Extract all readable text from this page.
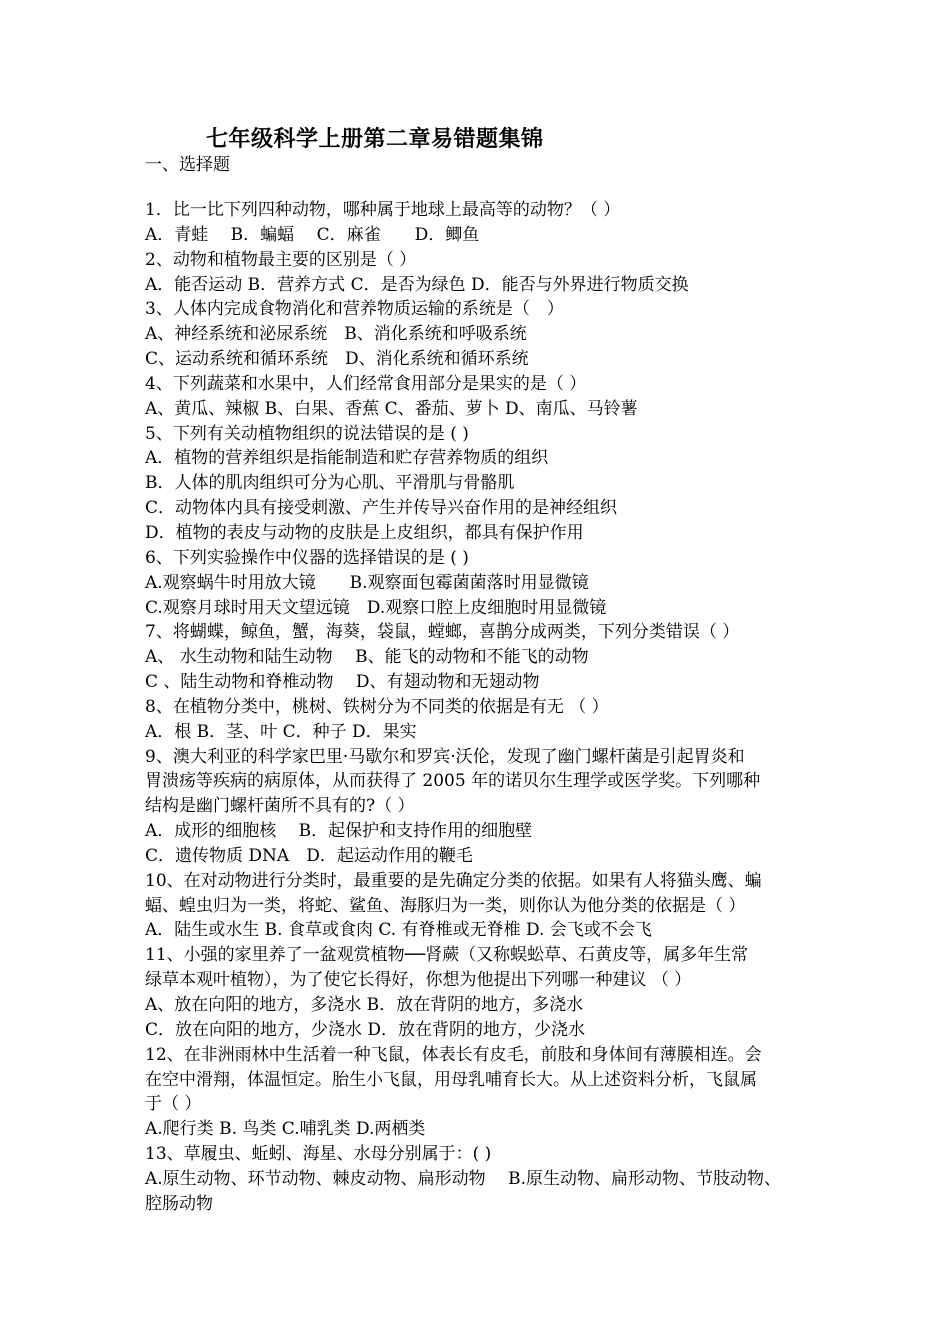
七年级科学上册第二章易错题集锦
一、选择题
1．比一比下列四种动物，哪种属于地球上最高等的动物？（ ）
A．青蛙　 B．蝙蝠　 C．麻雀　　D．鲫鱼
2、动物和植物最主要的区别是（ ）
A．能否运动 B．营养方式 C．是否为绿色 D．能否与外界进行物质交换
3、人体内完成食物消化和营养物质运输的系统是（　）
A、神经系统和泌尿系统　B、消化系统和呼吸系统
C、运动系统和循环系统　D、消化系统和循环系统
4、下列蔬菜和水果中，人们经常食用部分是果实的是（ ）
A、黄瓜、辣椒 B、白果、香蕉 C、番茄、萝卜 D、南瓜、马铃薯
5、下列有关动植物组织的说法错误的是 ( )
A．植物的营养组织是指能制造和贮存营养物质的组织
B．人体的肌肉组织可分为心肌、平滑肌与骨骼肌
C．动物体内具有接受刺激、产生并传导兴奋作用的是神经组织
D．植物的表皮与动物的皮肤是上皮组织，都具有保护作用
6、下列实验操作中仪器的选择错误的是 ( )
A.观察蜗牛时用放大镜　　B.观察面包霉菌菌落时用显微镜
C.观察月球时用天文望远镜　D.观察口腔上皮细胞时用显微镜
7、将蝴蝶，鲸鱼，蟹，海葵，袋鼠，螳螂，喜鹊分成两类，下列分类错误（ ）
A、 水生动物和陆生动物　 B、能飞的动物和不能飞的动物
C 、陆生动物和脊椎动物　 D、有翅动物和无翅动物
8、在植物分类中，桃树、铁树分为不同类的依据是有无 （ ）
A．根 B．茎、叶 C．种子 D．果实
9、澳大利亚的科学家巴里·马歇尔和罗宾·沃伦，发现了幽门螺杆菌是引起胃炎和
胃溃疡等疾病的病原体，从而获得了 2005 年的诺贝尔生理学或医学奖。下列哪种
结构是幽门螺杆菌所不具有的?（ ）
A．成形的细胞核　 B．起保护和支持作用的细胞壁
C．遗传物质 DNA　D．起运动作用的鞭毛
10、在对动物进行分类时，最重要的是先确定分类的依据。如果有人将猫头鹰、蝙
蝠、蝗虫归为一类，将蛇、鲨鱼、海豚归为一类，则你认为他分类的依据是（ ）
A．陆生或水生 B. 食草或食肉 C. 有脊椎或无脊椎 D. 会飞或不会飞
11、小强的家里养了一盆观赏植物──肾蕨（又称蜈蚣草、石黄皮等，属多年生常
绿草本观叶植物），为了使它长得好，你想为他提出下列哪一种建议 （ ）
A、放在向阳的地方，多浇水 B．放在背阴的地方，多浇水
C．放在向阳的地方，少浇水 D．放在背阴的地方，少浇水
12、在非洲雨林中生活着一种飞鼠，体表长有皮毛，前肢和身体间有薄膜相连。会
在空中滑翔，体温恒定。胎生小飞鼠，用母乳哺育长大。从上述资料分析，飞鼠属
于（ ）
A.爬行类 B. 鸟类 C.哺乳类 D.两栖类
13、草履虫、蚯蚓、海星、水母分别属于：( )
A.原生动物、环节动物、棘皮动物、扁形动物　 B.原生动物、扁形动物、节肢动物、
腔肠动物
